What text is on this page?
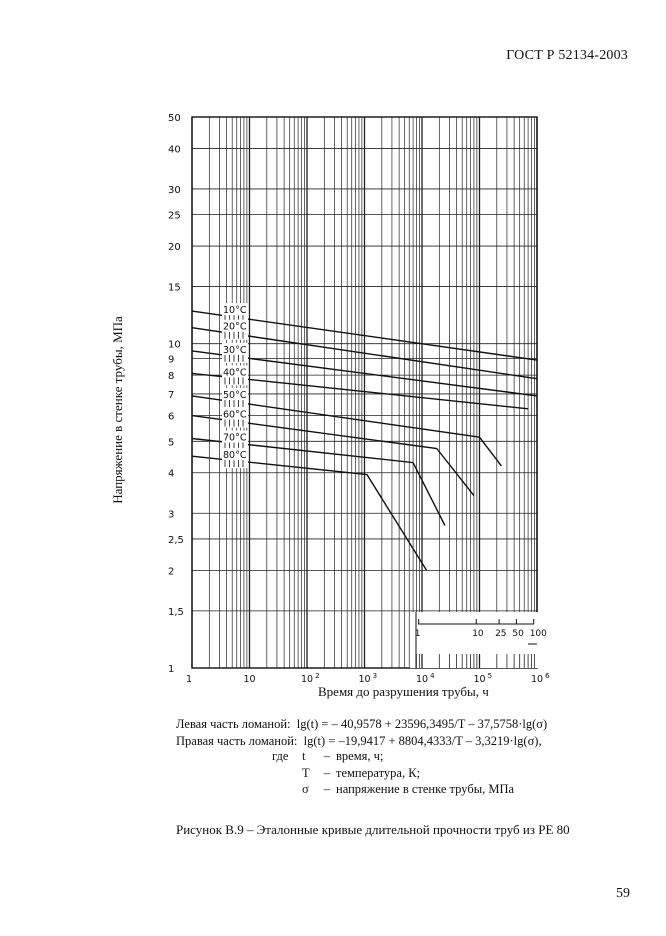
ГОСТ Р 52134-2003
50
40
30
25
20
15
10
9
8
7
6
5
4
3
2,5
2
1,5
1
1	10	10 $^2$	10 $^3$	10 $^4$	10 $^5$	10 $^6$
1	10 25 50 100
10°C
20°C
30°C
40°C
50°C
60°C
70°C
80°C
Напряжение в стенке трубы, МПа
Время до разрушения трубы, ч
Левая часть ломаной: lg(t) = – 40,9578 + 23596,3495/T – 37,5758·lg(σ)
Правая часть ломаной: lg(t) = –19,9417 + 8804,4333/T – 3,3219·lg(σ),
где	t	– время, ч;
T	– температура, К;
σ	– напряжение в стенке трубы, МПа
Рисунок В.9 – Эталонные кривые длительной прочности труб из РЕ 80
59
